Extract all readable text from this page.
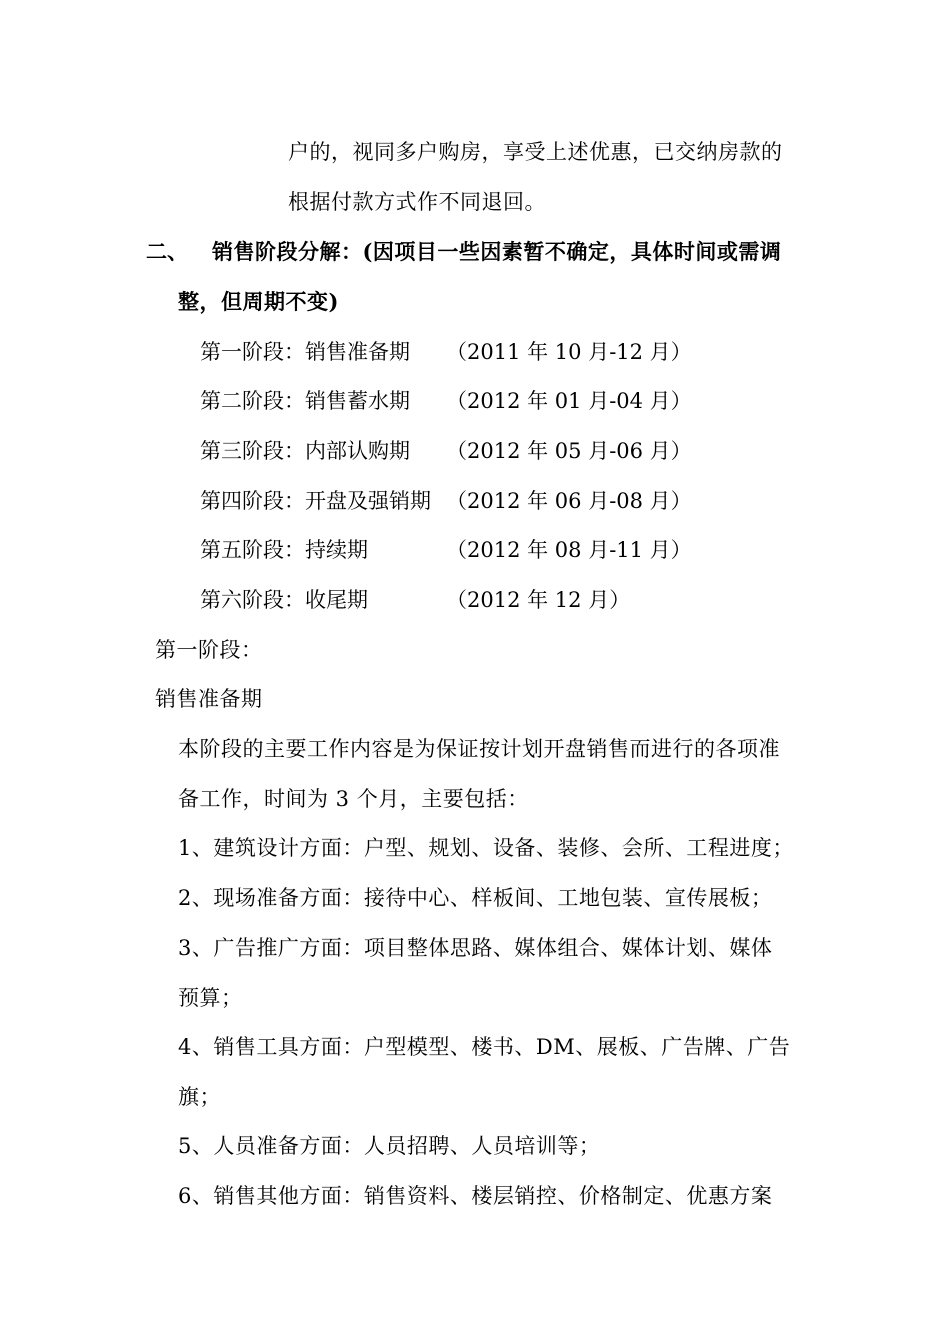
户的，视同多户购房，享受上述优惠，已交纳房款的
根据付款方式作不同退回。
二、 销售阶段分解：(因项目一些因素暂不确定，具体时间或需调
整，但周期不变)
第一阶段：销售准备期 （2011 年 10 月-12 月）
第二阶段：销售蓄水期 （2012 年 01 月-04 月）
第三阶段：内部认购期 （2012 年 05 月-06 月）
第四阶段：开盘及强销期 （2012 年 06 月-08 月）
第五阶段：持续期	（2012 年 08 月-11 月）
第六阶段：收尾期	（2012 年 12 月）
第一阶段：
销售准备期
本阶段的主要工作内容是为保证按计划开盘销售而进行的各项准
备工作，时间为 3 个月，主要包括：
1、建筑设计方面：户型、规划、设备、装修、会所、工程进度；
2、现场准备方面：接待中心、样板间、工地包装、宣传展板；
3、广告推广方面：项目整体思路、媒体组合、媒体计划、媒体
预算；
4、销售工具方面：户型模型、楼书、DM、展板、广告牌、广告
旗；
5、人员准备方面：人员招聘、人员培训等；
6、销售其他方面：销售资料、楼层销控、价格制定、优惠方案
